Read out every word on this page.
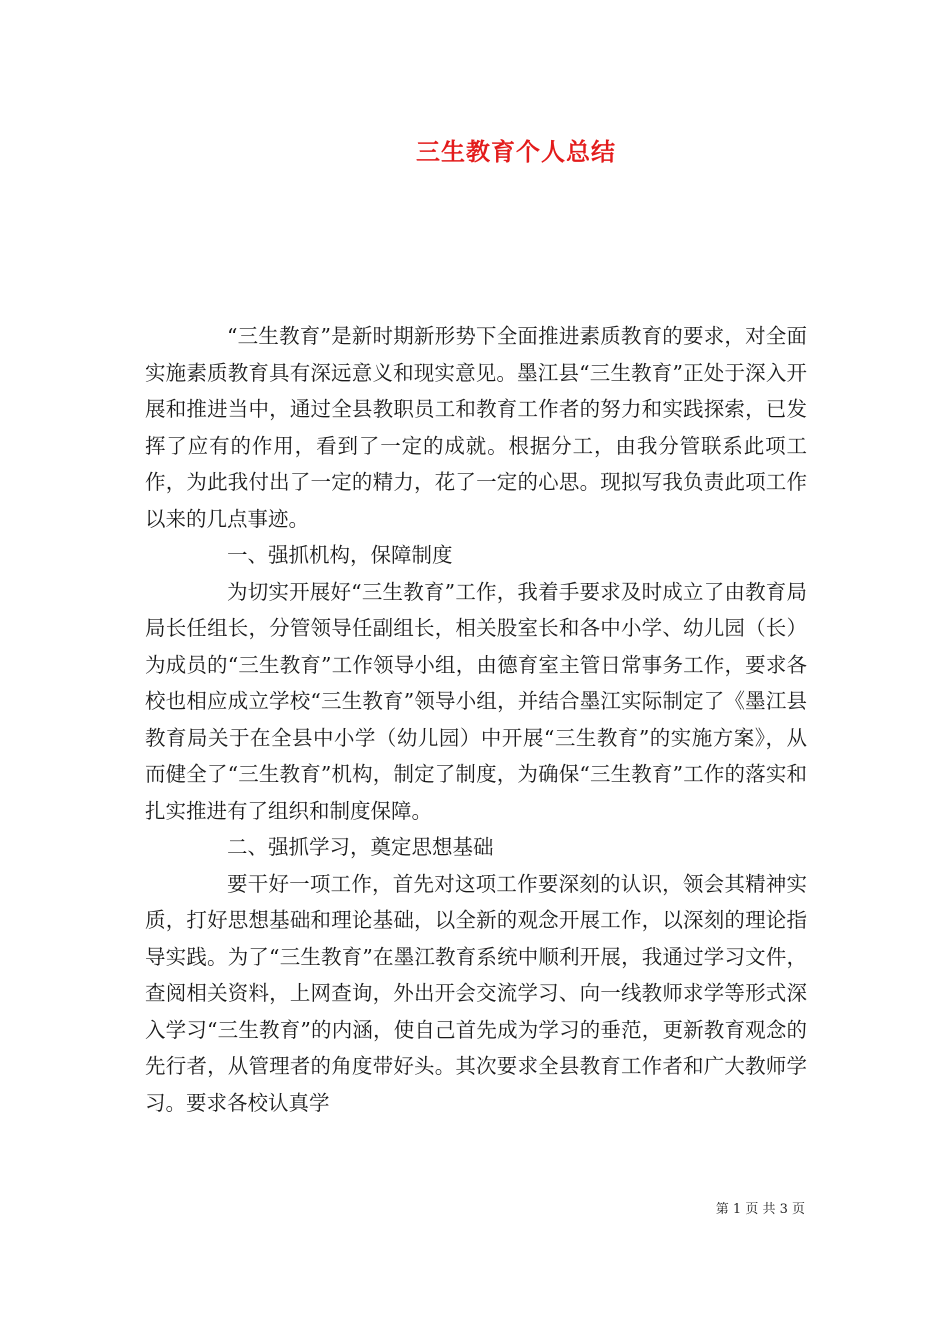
三生教育个人总结

“三生教育”是新时期新形势下全面推进素质教育的要求，对全面实施素质教育具有深远意义和现实意见。墨江县“三生教育”正处于深入开展和推进当中，通过全县教职员工和教育工作者的努力和实践探索，已发挥了应有的作用，看到了一定的成就。根据分工，由我分管联系此项工作，为此我付出了一定的精力，花了一定的心思。现拟写我负责此项工作以来的几点事迹。

一、强抓机构，保障制度

为切实开展好“三生教育”工作，我着手要求及时成立了由教育局局长任组长，分管领导任副组长，相关股室长和各中小学、幼儿园（长）为成员的“三生教育”工作领导小组，由德育室主管日常事务工作，要求各校也相应成立学校“三生教育”领导小组，并结合墨江实际制定了《墨江县教育局关于在全县中小学（幼儿园）中开展“三生教育”的实施方案》，从而健全了“三生教育”机构，制定了制度，为确保“三生教育”工作的落实和扎实推进有了组织和制度保障。

二、强抓学习，奠定思想基础

要干好一项工作，首先对这项工作要深刻的认识，领会其精神实质，打好思想基础和理论基础，以全新的观念开展工作，以深刻的理论指导实践。为了“三生教育”在墨江教育系统中顺利开展，我通过学习文件，查阅相关资料，上网查询，外出开会交流学习、向一线教师求学等形式深入学习“三生教育”的内涵，使自己首先成为学习的垂范，更新教育观念的先行者，从管理者的角度带好头。其次要求全县教育工作者和广大教师学习。要求各校认真学

第 1 页 共 3 页
